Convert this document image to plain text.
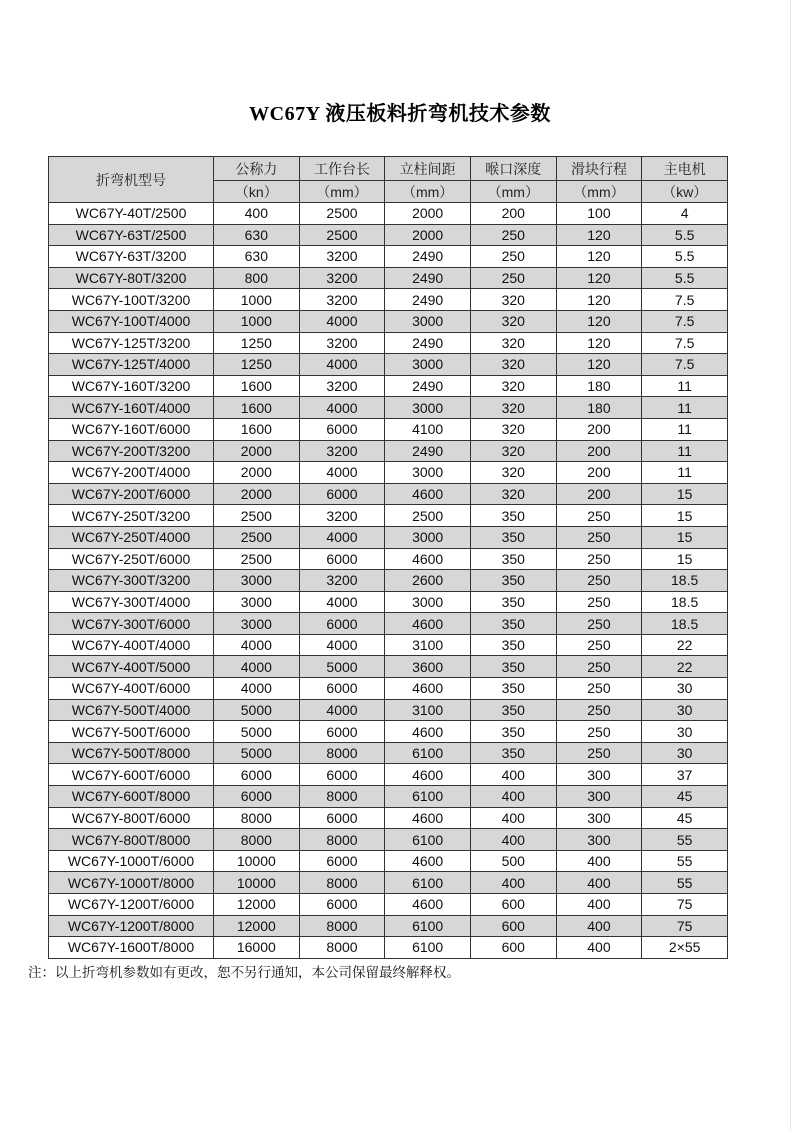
WC67Y 液压板料折弯机技术参数
折弯机型号	公称力	工作台长	立柱间距	喉口深度	滑块行程	主电机
	（kn）	（mm）	（mm）	（mm）	（mm）	（kw）
WC67Y-40T/2500	400	2500	2000	200	100	4
WC67Y-63T/2500	630	2500	2000	250	120	5.5
WC67Y-63T/3200	630	3200	2490	250	120	5.5
WC67Y-80T/3200	800	3200	2490	250	120	5.5
WC67Y-100T/3200	1000	3200	2490	320	120	7.5
WC67Y-100T/4000	1000	4000	3000	320	120	7.5
WC67Y-125T/3200	1250	3200	2490	320	120	7.5
WC67Y-125T/4000	1250	4000	3000	320	120	7.5
WC67Y-160T/3200	1600	3200	2490	320	180	11
WC67Y-160T/4000	1600	4000	3000	320	180	11
WC67Y-160T/6000	1600	6000	4100	320	200	11
WC67Y-200T/3200	2000	3200	2490	320	200	11
WC67Y-200T/4000	2000	4000	3000	320	200	11
WC67Y-200T/6000	2000	6000	4600	320	200	15
WC67Y-250T/3200	2500	3200	2500	350	250	15
WC67Y-250T/4000	2500	4000	3000	350	250	15
WC67Y-250T/6000	2500	6000	4600	350	250	15
WC67Y-300T/3200	3000	3200	2600	350	250	18.5
WC67Y-300T/4000	3000	4000	3000	350	250	18.5
WC67Y-300T/6000	3000	6000	4600	350	250	18.5
WC67Y-400T/4000	4000	4000	3100	350	250	22
WC67Y-400T/5000	4000	5000	3600	350	250	22
WC67Y-400T/6000	4000	6000	4600	350	250	30
WC67Y-500T/4000	5000	4000	3100	350	250	30
WC67Y-500T/6000	5000	6000	4600	350	250	30
WC67Y-500T/8000	5000	8000	6100	350	250	30
WC67Y-600T/6000	6000	6000	4600	400	300	37
WC67Y-600T/8000	6000	8000	6100	400	300	45
WC67Y-800T/6000	8000	6000	4600	400	300	45
WC67Y-800T/8000	8000	8000	6100	400	300	55
WC67Y-1000T/6000	10000	6000	4600	500	400	55
WC67Y-1000T/8000	10000	8000	6100	400	400	55
WC67Y-1200T/6000	12000	6000	4600	600	400	75
WC67Y-1200T/8000	12000	8000	6100	600	400	75
WC67Y-1600T/8000	16000	8000	6100	600	400	2×55

注：以上折弯机参数如有更改，恕不另行通知，本公司保留最终解释权。
